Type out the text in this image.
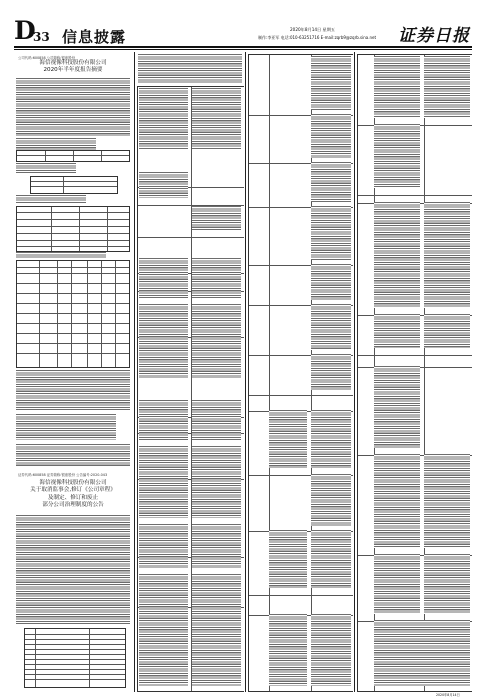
D
33 信息披露	2020年8月14日 星期五
制作:李亚军 电话:010-63251716 E-mail:zqrb9@zqrb.sina.net 证券日报
公司代码:600858 公司简称:银座股份
海信视像科技股份有限公司
2020年半年度报告摘要
证券代码:600858 证券简称:银座股份 公告编号:2020-043
海信视像科技股份有限公司
关于取消监事会,修订《公司章程》
及制定、修订和废止
部分公司治理制度的公告
2020年8月14日
